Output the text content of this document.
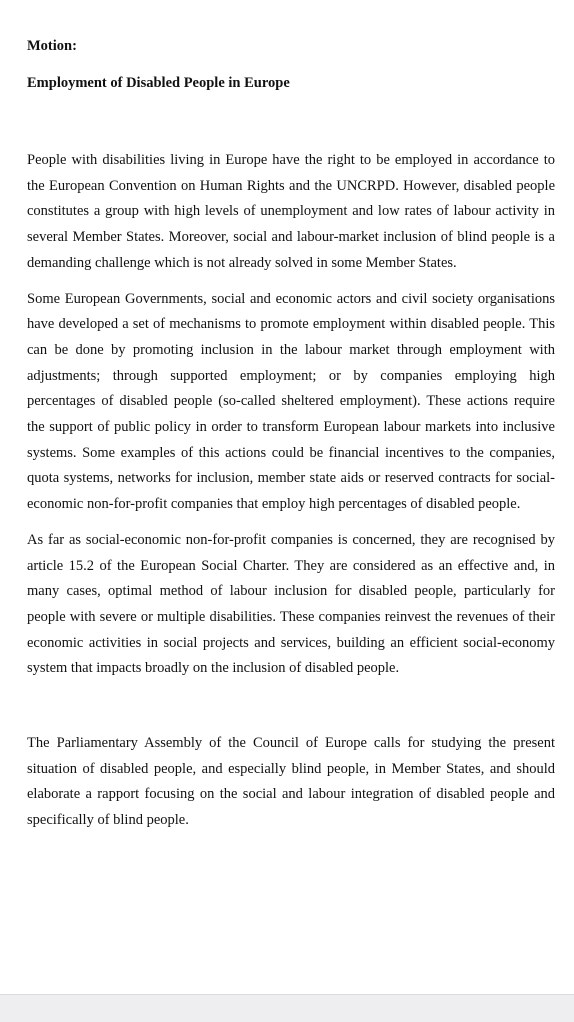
Motion:

Employment of Disabled People in Europe

People with disabilities living in Europe have the right to be employed in accordance to the European Convention on Human Rights and the UNCRPD. However, disabled people constitutes a group with high levels of unemployment and low rates of labour activity in several Member States. Moreover, social and labour-market inclusion of blind people is a demanding challenge which is not already solved in some Member States.

Some European Governments, social and economic actors and civil society organisations have developed a set of mechanisms to promote employment within disabled people. This can be done by promoting inclusion in the labour market through employment with adjustments; through supported employment; or by companies employing high percentages of disabled people (so-called sheltered employment). These actions require the support of public policy in order to transform European labour markets into inclusive systems. Some examples of this actions could be financial incentives to the companies, quota systems, networks for inclusion, member state aids or reserved contracts for social-economic non-for-profit companies that employ high percentages of disabled people.

As far as social-economic non-for-profit companies is concerned, they are recognised by article 15.2 of the European Social Charter. They are considered as an effective and, in many cases, optimal method of labour inclusion for disabled people, particularly for people with severe or multiple disabilities. These companies reinvest the revenues of their economic activities in social projects and services, building an efficient social-economy system that impacts broadly on the inclusion of disabled people.

The Parliamentary Assembly of the Council of Europe calls for studying the present situation of disabled people, and especially blind people, in Member States, and should elaborate a rapport focusing on the social and labour integration of disabled people and specifically of blind people.
